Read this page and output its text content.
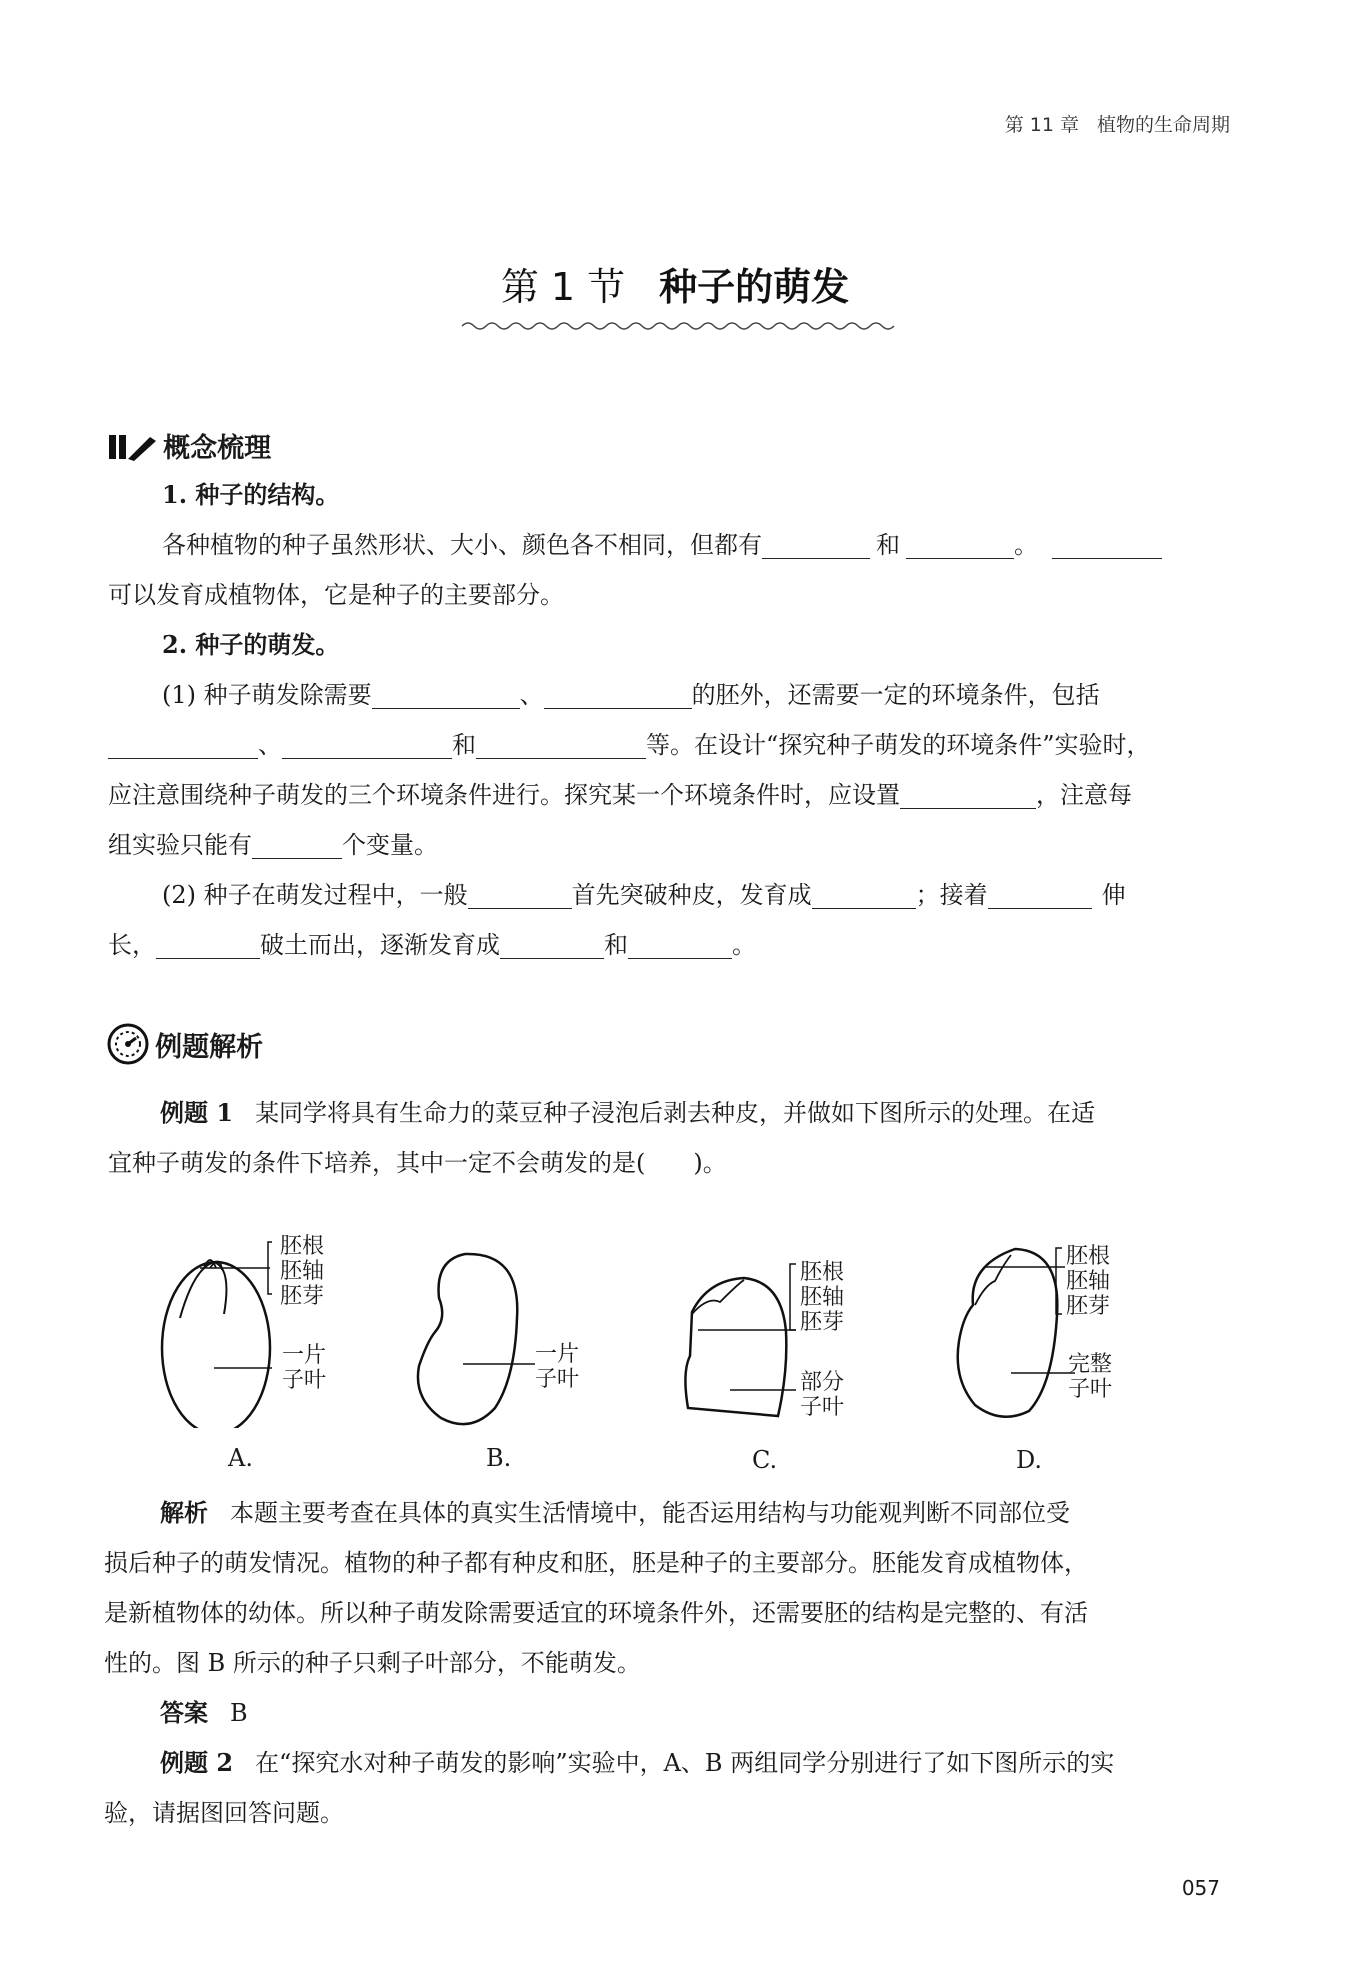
第 11 章 植物的生命周期
第 1 节 种子的萌发
概念梳理
1. 种子的结构。
各种植物的种子虽然形状、大小、颜色各不相同，但都有	和	。
可以发育成植物体，它是种子的主要部分。
2. 种子的萌发。
(1) 种子萌发除需要	、	的胚外，还需要一定的环境条件，包括
、	和	等。在设计“探究种子萌发的环境条件”实验时，
应注意围绕种子萌发的三个环境条件进行。探究某一个环境条件时，应设置	，注意每
组实验只能有	个变量。
(2) 种子在萌发过程中，一般	首先突破种皮，发育成	；接着	伸
长，	破土而出，逐渐发育成	和	。
例题解析
例题 1 某同学将具有生命力的菜豆种子浸泡后剥去种皮，并做如下图所示的处理。在适
宜种子萌发的条件下培养，其中一定不会萌发的是(　　)。
胚根
胚轴
胚芽
一片
子叶
A.
一片
子叶
B.
胚根
胚轴
胚芽
部分
子叶
C.
胚根
胚轴
胚芽
完整
子叶
D.
解析 本题主要考查在具体的真实生活情境中，能否运用结构与功能观判断不同部位受
损后种子的萌发情况。植物的种子都有种皮和胚，胚是种子的主要部分。胚能发育成植物体，
是新植物体的幼体。所以种子萌发除需要适宜的环境条件外，还需要胚的结构是完整的、有活
性的。图 B 所示的种子只剩子叶部分，不能萌发。
答案 B
例题 2 在“探究水对种子萌发的影响”实验中，A、B 两组同学分别进行了如下图所示的实
验，请据图回答问题。
057
